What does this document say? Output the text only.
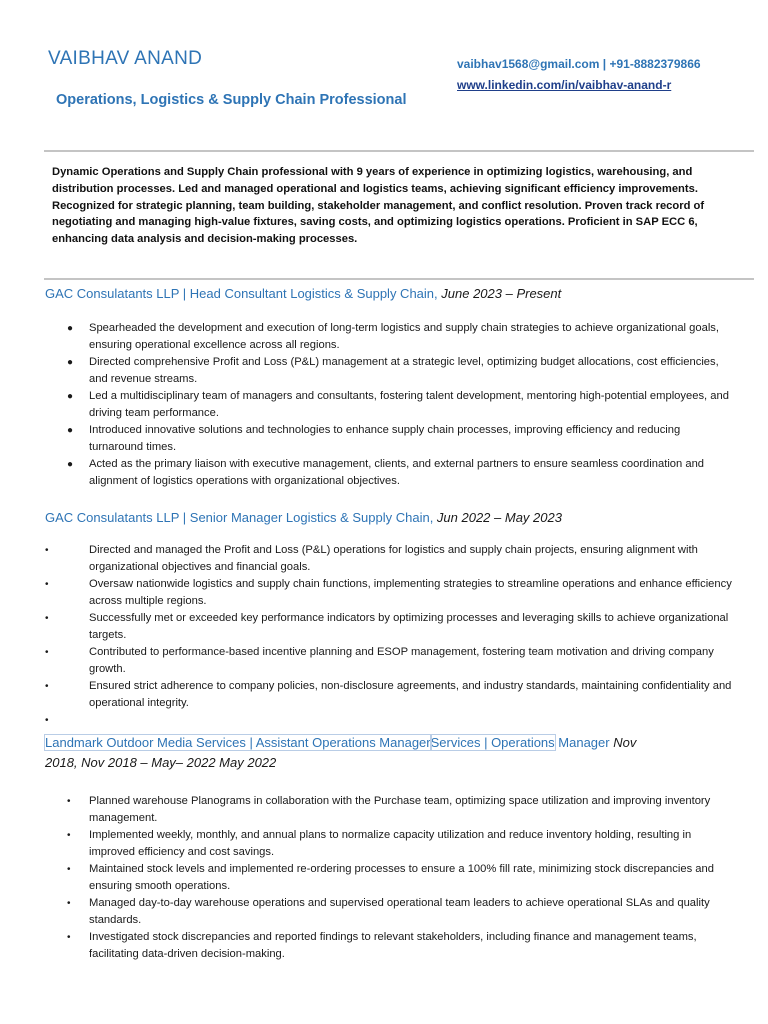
VAIBHAV ANAND
Operations, Logistics & Supply Chain Professional
vaibhav1568@gmail.com | +91-8882379866
www.linkedin.com/in/vaibhav-anand-r
Dynamic Operations and Supply Chain professional with 9 years of experience in optimizing logistics, warehousing, and distribution processes. Led and managed operational and logistics teams, achieving significant efficiency improvements. Recognized for strategic planning, team building, stakeholder management, and conflict resolution. Proven track record of negotiating and managing high-value fixtures, saving costs, and optimizing logistics operations. Proficient in SAP ECC 6, enhancing data analysis and decision-making processes.
GAC Consulatants LLP | Head Consultant Logistics & Supply Chain, June 2023 – Present
● Spearheaded the development and execution of long-term logistics and supply chain strategies to achieve organizational goals, ensuring operational excellence across all regions.
● Directed comprehensive Profit and Loss (P&L) management at a strategic level, optimizing budget allocations, cost efficiencies, and revenue streams.
● Led a multidisciplinary team of managers and consultants, fostering talent development, mentoring high-potential employees, and driving team performance.
● Introduced innovative solutions and technologies to enhance supply chain processes, improving efficiency and reducing turnaround times.
● Acted as the primary liaison with executive management, clients, and external partners to ensure seamless coordination and alignment of logistics operations with organizational objectives.
GAC Consulatants LLP | Senior Manager Logistics & Supply Chain, Jun 2022 – May 2023
•	Directed and managed the Profit and Loss (P&L) operations for logistics and supply chain projects, ensuring alignment with organizational objectives and financial goals.
•	Oversaw nationwide logistics and supply chain functions, implementing strategies to streamline operations and enhance efficiency across multiple regions.
•	Successfully met or exceeded key performance indicators by optimizing processes and leveraging skills to achieve organizational targets.
•	Contributed to performance-based incentive planning and ESOP management, fostering team motivation and driving company growth.
•	Ensured strict adherence to company policies, non-disclosure agreements, and industry standards, maintaining confidentiality and operational integrity.
•
Landmark Outdoor Media Services | Assistant Operations ManagerServices | Operations Manager Nov
2018, Nov 2018 – May– 2022 May 2022
• Planned warehouse Planograms in collaboration with the Purchase team, optimizing space utilization and improving inventory management.
• Implemented weekly, monthly, and annual plans to normalize capacity utilization and reduce inventory holding, resulting in improved efficiency and cost savings.
• Maintained stock levels and implemented re-ordering processes to ensure a 100% fill rate, minimizing stock discrepancies and ensuring smooth operations.
• Managed day-to-day warehouse operations and supervised operational team leaders to achieve operational SLAs and quality standards.
• Investigated stock discrepancies and reported findings to relevant stakeholders, including finance and management teams, facilitating data-driven decision-making.
